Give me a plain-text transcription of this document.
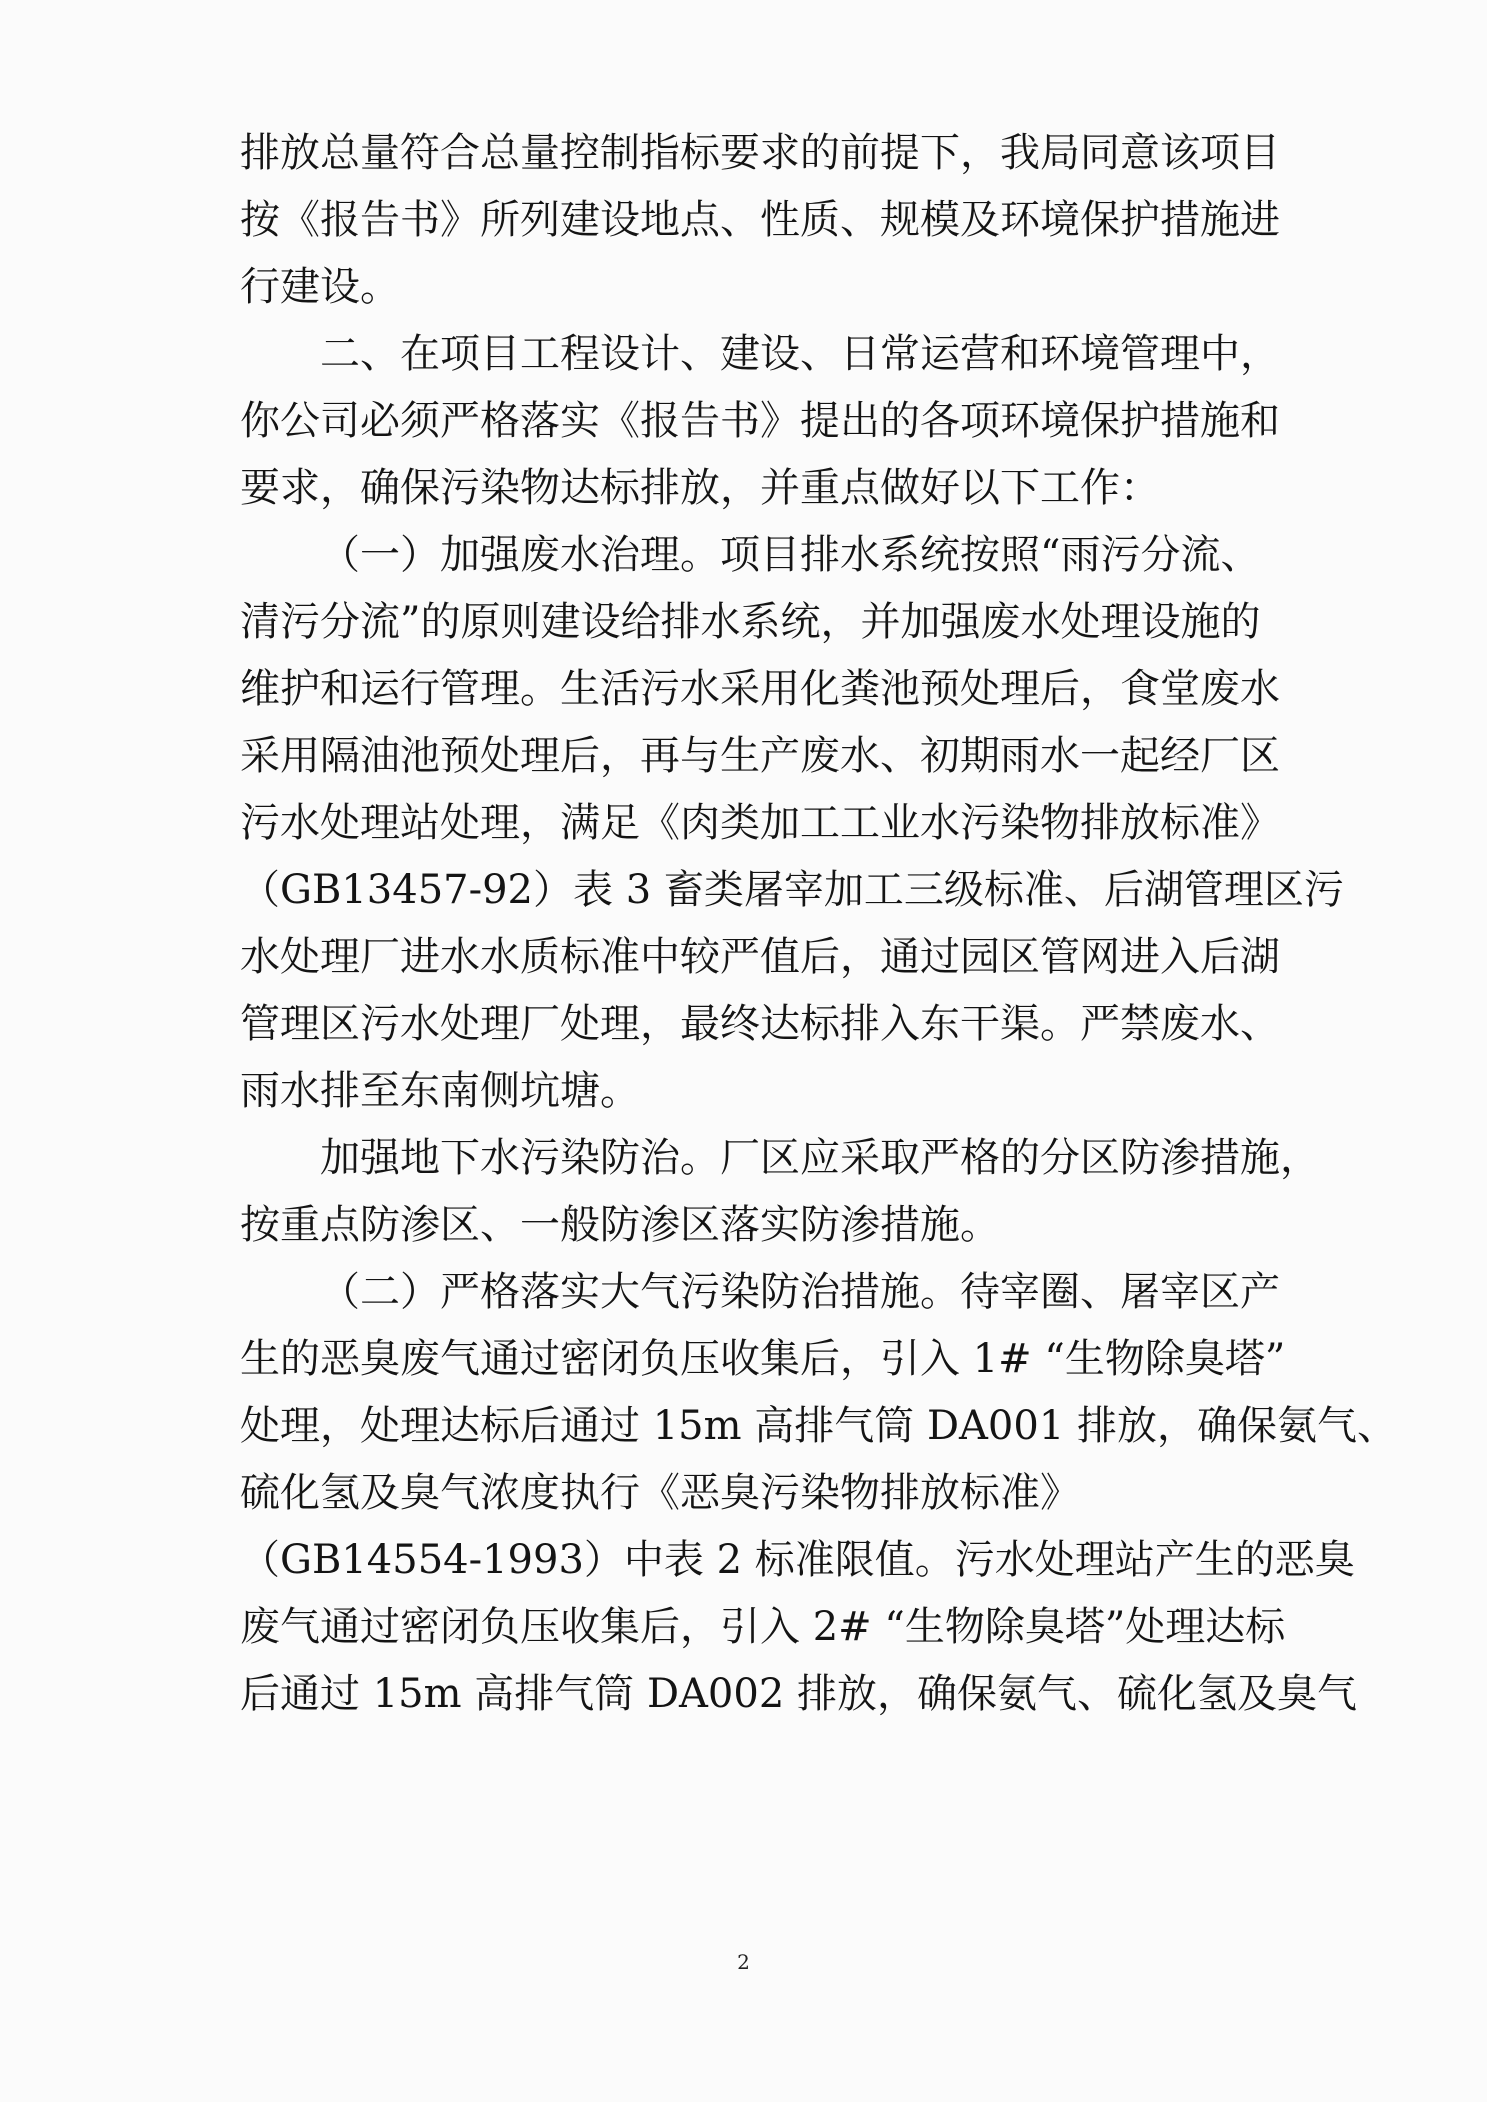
排放总量符合总量控制指标要求的前提下，我局同意该项目
按《报告书》所列建设地点、性质、规模及环境保护措施进
行建设。
二、在项目工程设计、建设、日常运营和环境管理中，
你公司必须严格落实《报告书》提出的各项环境保护措施和
要求，确保污染物达标排放，并重点做好以下工作：
（一）加强废水治理。项目排水系统按照“雨污分流、
清污分流”的原则建设给排水系统，并加强废水处理设施的
维护和运行管理。生活污水采用化粪池预处理后，食堂废水
采用隔油池预处理后，再与生产废水、初期雨水一起经厂区
污水处理站处理，满足《肉类加工工业水污染物排放标准》
（GB13457-92）表 3 畜类屠宰加工三级标准、后湖管理区污
水处理厂进水水质标准中较严值后，通过园区管网进入后湖
管理区污水处理厂处理，最终达标排入东干渠。严禁废水、
雨水排至东南侧坑塘。
加强地下水污染防治。厂区应采取严格的分区防渗措施，
按重点防渗区、一般防渗区落实防渗措施。
（二）严格落实大气污染防治措施。待宰圈、屠宰区产
生的恶臭废气通过密闭负压收集后，引入 1# “生物除臭塔”
处理，处理达标后通过 15m 高排气筒 DA001 排放，确保氨气、
硫化氢及臭气浓度执行《恶臭污染物排放标准》
（GB14554-1993）中表 2 标准限值。污水处理站产生的恶臭
废气通过密闭负压收集后，引入 2# “生物除臭塔”处理达标
后通过 15m 高排气筒 DA002 排放，确保氨气、硫化氢及臭气
2
